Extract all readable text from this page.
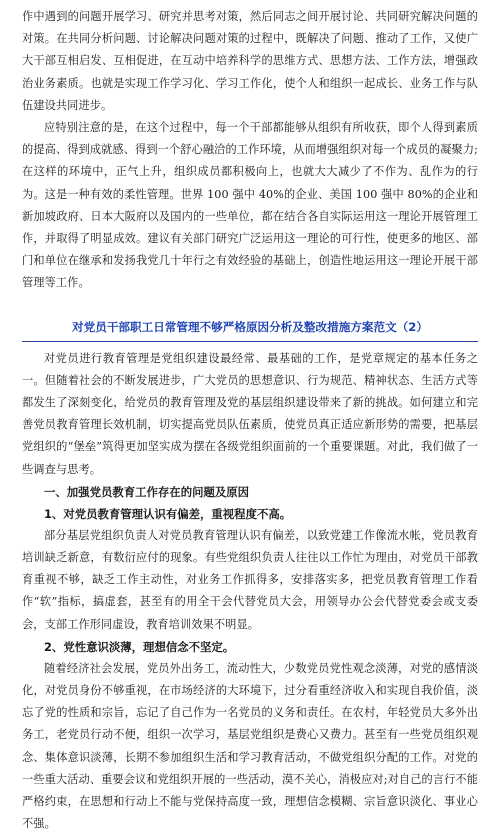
作中遇到的问题开展学习、研究并思考对策，然后同志之间开展讨论、共同研究解决问题的对策。在共同分析问题、讨论解决问题对策的过程中，既解决了问题、推动了工作，又使广大干部互相启发、互相促进，在互动中培养科学的思维方式、思想方法、工作方法，增强政治业务素质。也就是实现工作学习化、学习工作化，使个人和组织一起成长、业务工作与队伍建设共同进步。

应特别注意的是，在这个过程中，每一个干部都能够从组织有所收获，即个人得到素质的提高、得到成就感、得到一个舒心融洽的工作环境，从而增强组织对每一个成员的凝聚力;在这样的环境中，正气上升，组织成员都积极向上，也就大大减少了不作为、乱作为的行为。这是一种有效的柔性管理。世界 100 强中 40%的企业、美国 100 强中 80%的企业和新加坡政府、日本大阪府以及国内的一些单位，都在结合各自实际运用这一理论开展管理工作，并取得了明显成效。建议有关部门研究广泛运用这一理论的可行性，使更多的地区、部门和单位在继承和发扬我党几十年行之有效经验的基础上，创造性地运用这一理论开展干部管理等工作。

对党员干部职工日常管理不够严格原因分析及整改措施方案范文（2）

对党员进行教育管理是党组织建设最经常、最基础的工作，是党章规定的基本任务之一。但随着社会的不断发展进步，广大党员的思想意识、行为规范、精神状态、生活方式等都发生了深刻变化，给党员的教育管理及党的基层组织建设带来了新的挑战。如何建立和完善党员教育管理长效机制，切实提高党员队伍素质，使党员真正适应新形势的需要，把基层党组织的“堡垒”筑得更加坚实成为摆在各级党组织面前的一个重要课题。对此，我们做了一些调查与思考。

一、加强党员教育工作存在的问题及原因
1、对党员教育管理认识有偏差，重视程度不高。

部分基层党组织负责人对党员教育管理认识有偏差，以致党建工作像流水帐，党员教育培训缺乏新意，有数衍应付的现象。有些党组织负责人往往以工作忙为理由，对党员干部教育重视不够，缺乏工作主动性，对业务工作抓得多，安排落实多，把党员教育管理工作看作“软”指标，搞虚套，甚至有的用全干会代替党员大会，用领导办公会代替党委会或支委会，支部工作形同虚设，教育培训效果不明显。

2、党性意识淡薄，理想信念不坚定。

随着经济社会发展，党员外出务工，流动性大，少数党员党性观念淡薄，对党的感情淡化，对党员身份不够重视，在市场经济的大环境下，过分看重经济收入和实现自我价值，淡忘了党的性质和宗旨，忘记了自己作为一名党员的义务和责任。在农村，年轻党员大多外出务工，老党员行动不便，组织一次学习，基层党组织是费心又费力。甚至有一些党员组织观念、集体意识淡薄，长期不参加组织生活和学习教育活动，不做党组织分配的工作。对党的一些重大活动、重要会议和党组织开展的一些活动，漠不关心，消极应对;对自己的言行不能严格约束，在思想和行动上不能与党保持高度一致，理想信念模糊、宗旨意识淡化、事业心不强。
